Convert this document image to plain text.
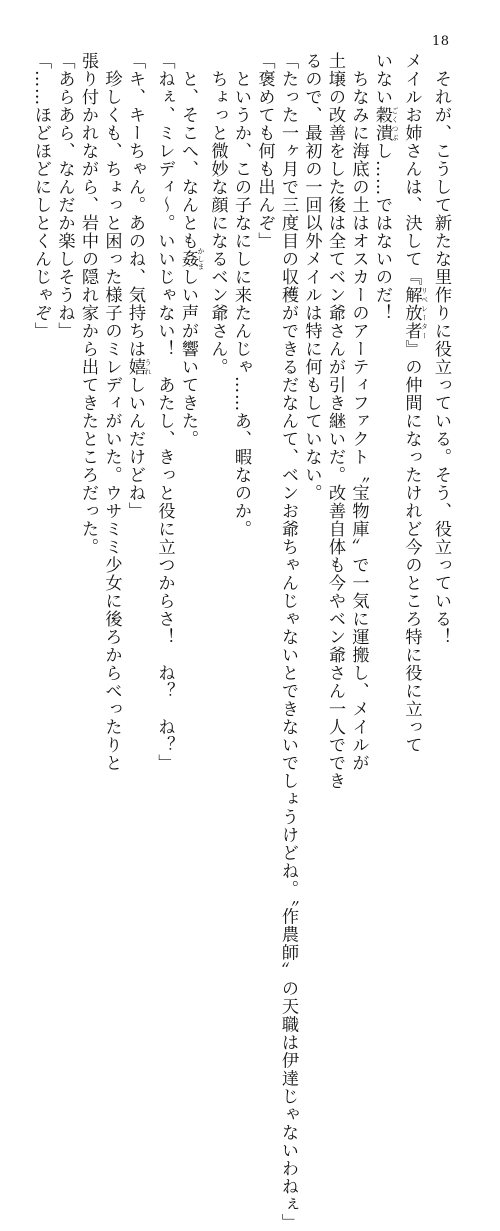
18
　それが、こうして新たな里作りに役立っている。そう、役立っている！
メイルお姉さんは、決して『解放者 リベレーター』の仲間になったけれど今のところ特に役に立って
いない穀潰 ごくつぶし……ではないのだ！
　ちなみに海底の土はオスカーのアーティファクト〝宝物庫〟で一気に運搬し、メイルが
土壌の改善をした後は全てベン爺さんが引き継いだ。改善自体も今やベン爺さん一人ででき
るので、最初の一回以外メイルは特に何もしていない。
「たった一ヶ月で三度目の収穫ができるだなんて、ベンお爺ちゃんじゃないとできないでしょうけどね。〝作農師〟の天職は伊達じゃないわねぇ」
「褒めても何も出んぞ」
　というか、この子なにしに来たんじゃ……あ、暇なのか。
　ちょっと微妙な顔になるベン爺さん。
　と、そこへ、なんとも姦 かしましい声が響いてきた。
「ねぇ、ミレディ～。いいじゃない！　あたし、きっと役に立つからさ！　ね？　ね？」
「キ、キーちゃん。あのね、気持ちは嬉 うれしいんだけどね」
　珍しくも、ちょっと困った様子のミレディがいた。ウサミミ少女に後ろからべったりと
張り付かれながら、岩中の隠れ家から出てきたところだった。
「あらあら、なんだか楽しそうね」
「……ほどほどにしとくんじゃぞ」
